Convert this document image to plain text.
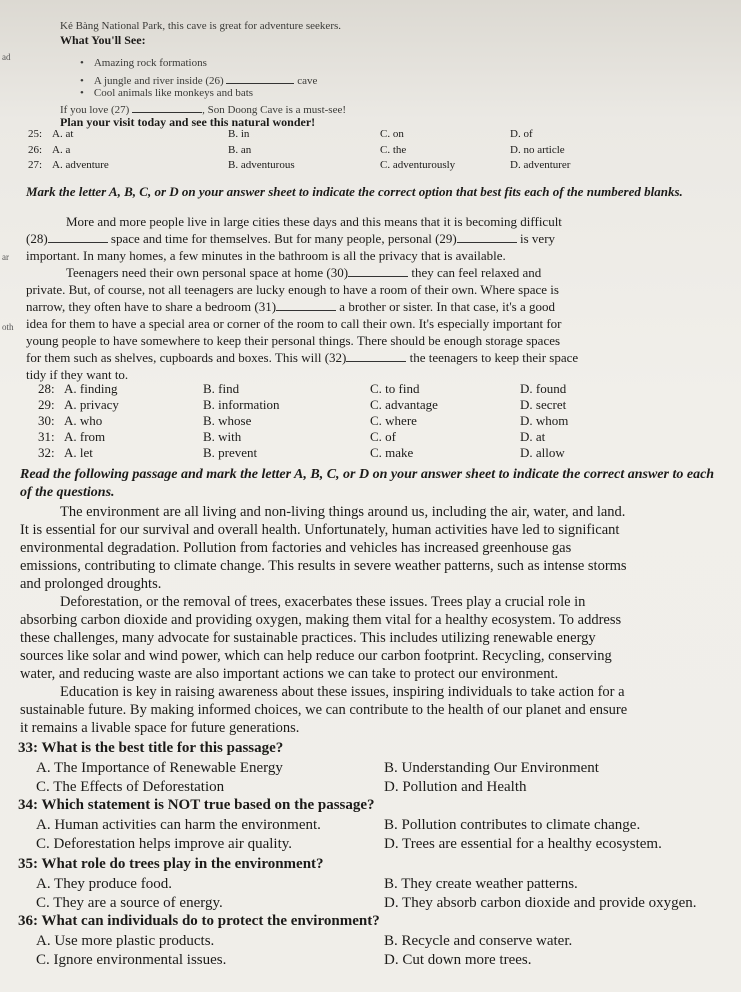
Kẻ Bàng National Park, this cave is great for adventure seekers.
What You'll See:
• Amazing rock formations
• A jungle and river inside (26)	cave
• Cool animals like monkeys and bats
If you love (27)	, Son Doong Cave is a must-see!
Plan your visit today and see this natural wonder!
25: A. at	B. in	C. on	D. of
26: A. a	B. an	C. the	D. no article
27: A. adventure	B. adventurous	C. adventurously	D. adventurer
Mark the letter A, B, C, or D on your answer sheet to indicate the correct option that best fits each of the numbered blanks.
More and more people live in large cities these days and this means that it is becoming difficult
(28)	space and time for themselves. But for many people, personal (29)	is very
important. In many homes, a few minutes in the bathroom is all the privacy that is available.
Teenagers need their own personal space at home (30)	they can feel relaxed and
private. But, of course, not all teenagers are lucky enough to have a room of their own. Where space is
narrow, they often have to share a bedroom (31)	a brother or sister. In that case, it's a good
idea for them to have a special area or corner of the room to call their own. It's especially important for
young people to have somewhere to keep their personal things. There should be enough storage spaces
for them such as shelves, cupboards and boxes. This will (32)	the teenagers to keep their space
tidy if they want to.
28: A. finding	B. find	C. to find	D. found
29: A. privacy	B. information	C. advantage	D. secret
30: A. who	B. whose	C. where	D. whom
31: A. from	B. with	C. of	D. at
32: A. let	B. prevent	C. make	D. allow
Read the following passage and mark the letter A, B, C, or D on your answer sheet to indicate the correct answer to each of the questions.
The environment are all living and non-living things around us, including the air, water, and land.
It is essential for our survival and overall health. Unfortunately, human activities have led to significant
environmental degradation. Pollution from factories and vehicles has increased greenhouse gas
emissions, contributing to climate change. This results in severe weather patterns, such as intense storms
and prolonged droughts.
Deforestation, or the removal of trees, exacerbates these issues. Trees play a crucial role in
absorbing carbon dioxide and providing oxygen, making them vital for a healthy ecosystem. To address
these challenges, many advocate for sustainable practices. This includes utilizing renewable energy
sources like solar and wind power, which can help reduce our carbon footprint. Recycling, conserving
water, and reducing waste are also important actions we can take to protect our environment.
Education is key in raising awareness about these issues, inspiring individuals to take action for a
sustainable future. By making informed choices, we can contribute to the health of our planet and ensure
it remains a livable space for future generations.
33: What is the best title for this passage?
A. The Importance of Renewable Energy	B. Understanding Our Environment
C. The Effects of Deforestation	D. Pollution and Health
34: Which statement is NOT true based on the passage?
A. Human activities can harm the environment.	B. Pollution contributes to climate change.
C. Deforestation helps improve air quality.	D. Trees are essential for a healthy ecosystem.
35: What role do trees play in the environment?
A. They produce food.	B. They create weather patterns.
C. They are a source of energy.	D. They absorb carbon dioxide and provide oxygen.
36: What can individuals do to protect the environment?
A. Use more plastic products.	B. Recycle and conserve water.
C. Ignore environmental issues.	D. Cut down more trees.
ad
ar
oth
